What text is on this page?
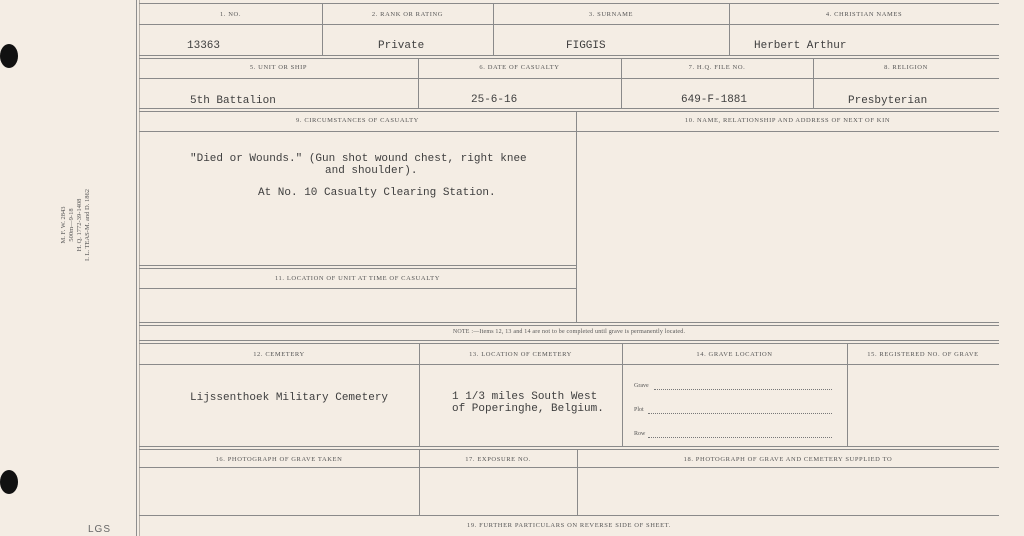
M. F. W. 2843 500m—9-18 H. Q. 1772-39-1408 I. L. TEAS-M. and D. 1862
LGS
1. NO.	2. RANK OR RATING	3. SURNAME	4. CHRISTIAN NAMES
13363	Private	FIGGIS	Herbert Arthur
5. UNIT OR SHIP	6. DATE OF CASUALTY	7. H.Q. FILE NO.	8. RELIGION
5th Battalion	25-6-16	649-F-1881	Presbyterian
9. CIRCUMSTANCES OF CASUALTY	10. NAME, RELATIONSHIP AND ADDRESS OF NEXT OF KIN
"Died or Wounds." (Gun shot wound chest, right knee
and shoulder).
At No. 10 Casualty Clearing Station.
11. LOCATION OF UNIT AT TIME OF CASUALTY
NOTE :—Items 12, 13 and 14 are not to be completed until grave is permanently located.
12. CEMETERY	13. LOCATION OF CEMETERY	14. GRAVE LOCATION	15. REGISTERED NO. OF GRAVE
Lijssenthoek Military Cemetery	1 1/3 miles South West
of Poperinghe, Belgium.
Grave
Plot
Row
16. PHOTOGRAPH OF GRAVE TAKEN	17. EXPOSURE NO.	18. PHOTOGRAPH OF GRAVE AND CEMETERY SUPPLIED TO
19. FURTHER PARTICULARS ON REVERSE SIDE OF SHEET.
